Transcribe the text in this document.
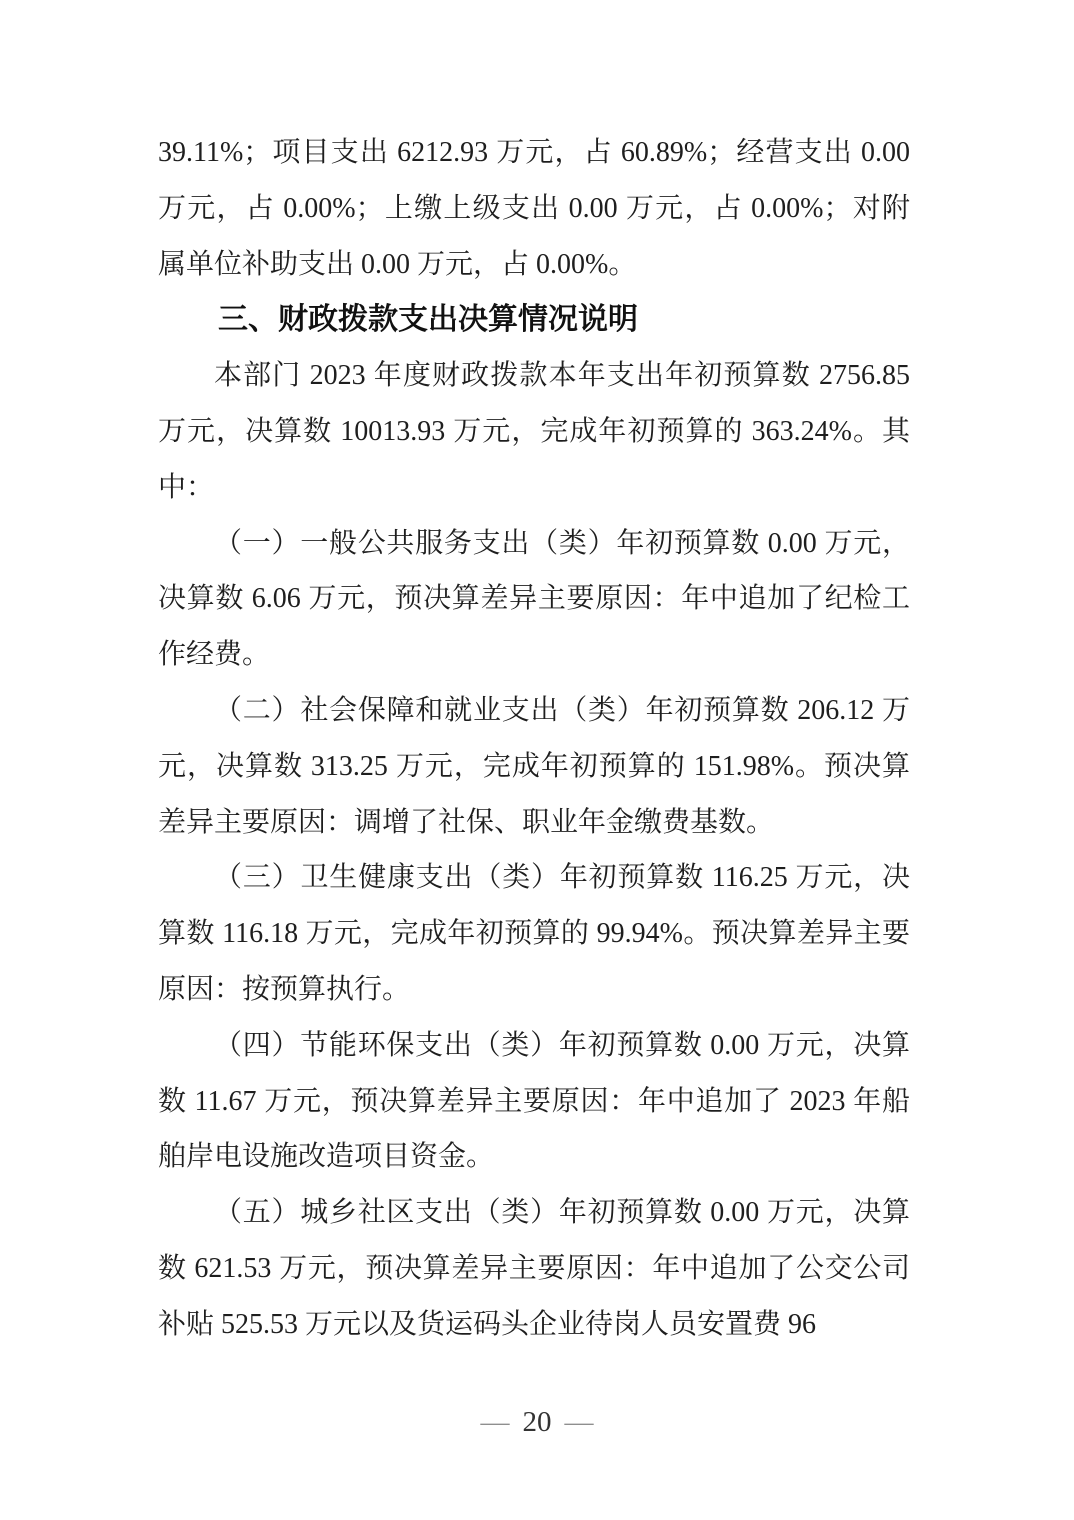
39.11%；项目支出 6212.93 万元，占 60.89%；经营支出 0.00 万元，占 0.00%；上缴上级支出 0.00 万元，占 0.00%；对附属单位补助支出 0.00 万元，占 0.00%。

三、财政拨款支出决算情况说明

本部门 2023 年度财政拨款本年支出年初预算数 2756.85 万元，决算数 10013.93 万元，完成年初预算的 363.24%。其中：

（一）一般公共服务支出（类）年初预算数 0.00 万元，决算数 6.06 万元，预决算差异主要原因：年中追加了纪检工作经费。

（二）社会保障和就业支出（类）年初预算数 206.12 万元，决算数 313.25 万元，完成年初预算的 151.98%。预决算差异主要原因：调增了社保、职业年金缴费基数。

（三）卫生健康支出（类）年初预算数 116.25 万元，决算数 116.18 万元，完成年初预算的 99.94%。预决算差异主要原因：按预算执行。

（四）节能环保支出（类）年初预算数 0.00 万元，决算数 11.67 万元，预决算差异主要原因：年中追加了 2023 年船舶岸电设施改造项目资金。

（五）城乡社区支出（类）年初预算数 0.00 万元，决算数 621.53 万元，预决算差异主要原因：年中追加了公交公司补贴 525.53 万元以及货运码头企业待岗人员安置费 96

— 20 —
